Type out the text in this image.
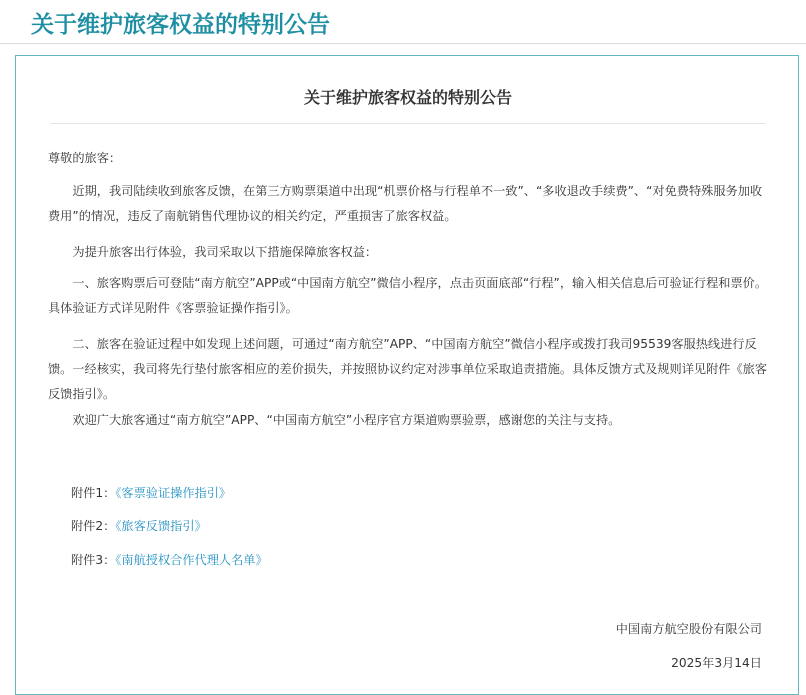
关于维护旅客权益的特别公告
关于维护旅客权益的特别公告
尊敬的旅客：
近期，我司陆续收到旅客反馈，在第三方购票渠道中出现“机票价格与行程单不一致”、“多收退改手续费”、“对免费特殊服务加收费用”的情况，违反了南航销售代理协议的相关约定，严重损害了旅客权益。
为提升旅客出行体验，我司采取以下措施保障旅客权益：
一、旅客购票后可登陆“南方航空”APP或“中国南方航空”微信小程序，点击页面底部“行程”，输入相关信息后可验证行程和票价。具体验证方式详见附件《客票验证操作指引》。
二、旅客在验证过程中如发现上述问题，可通过“南方航空”APP、“中国南方航空”微信小程序或拨打我司95539客服热线进行反馈。一经核实，我司将先行垫付旅客相应的差价损失，并按照协议约定对涉事单位采取追责措施。具体反馈方式及规则详见附件《旅客反馈指引》。
欢迎广大旅客通过“南方航空”APP、“中国南方航空”小程序官方渠道购票验票，感谢您的关注与支持。
附件1：《客票验证操作指引》
附件2：《旅客反馈指引》
附件3：《南航授权合作代理人名单》
中国南方航空股份有限公司
2025年3月14日
